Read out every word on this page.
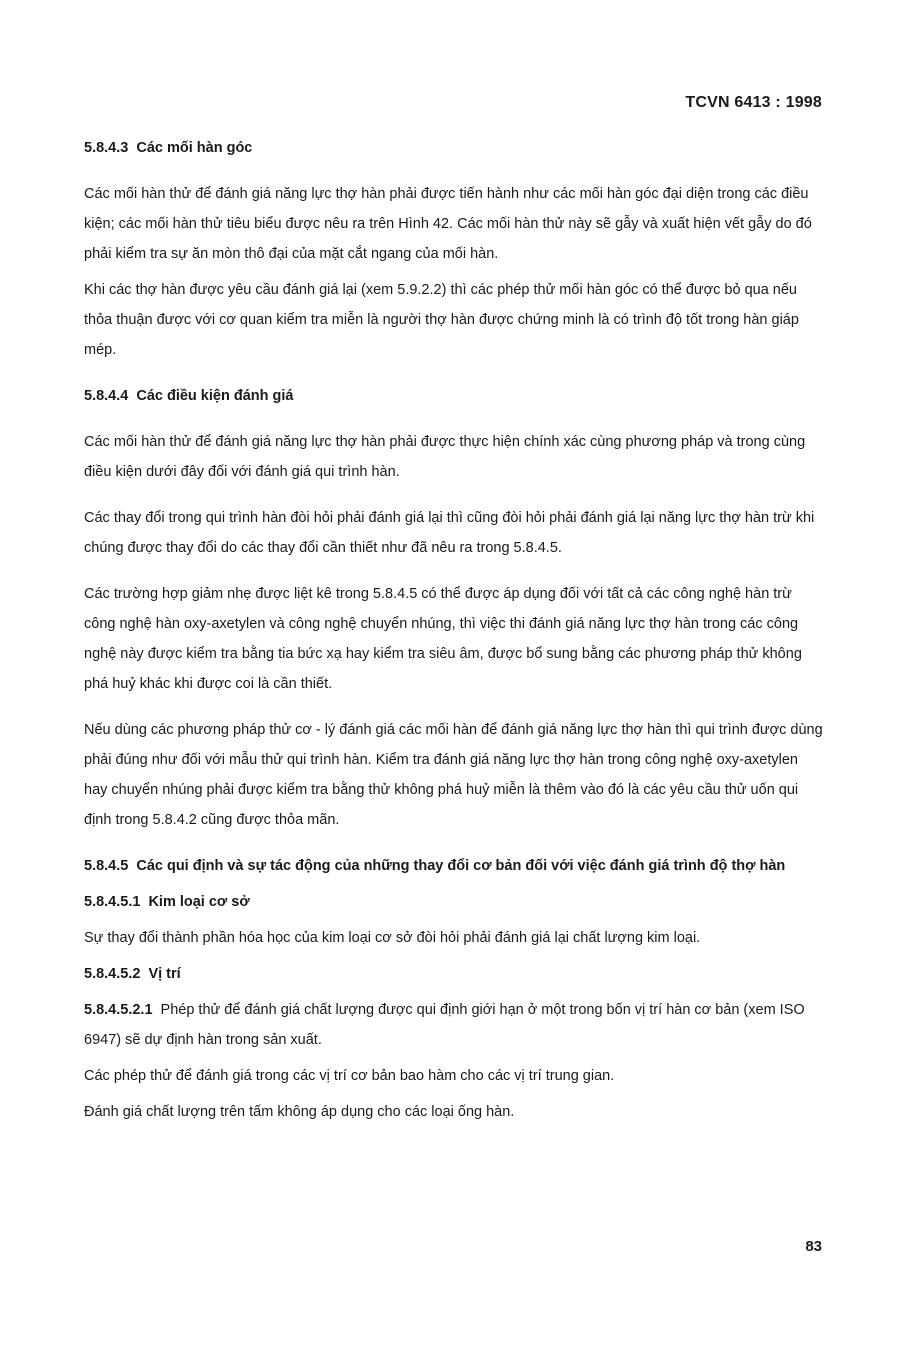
TCVN 6413 : 1998

5.8.4.3 Các mối hàn góc

Các mối hàn thử để đánh giá năng lực thợ hàn phải được tiến hành như các mối hàn góc đại diện trong các điều kiện; các mối hàn thử tiêu biểu được nêu ra trên Hình 42. Các mối hàn thử này sẽ gẫy và xuất hiện vết gẫy do đó phải kiểm tra sự ăn mòn thô đại của mặt cắt ngang của mối hàn.

Khi các thợ hàn được yêu cầu đánh giá lại (xem 5.9.2.2) thì các phép thử mối hàn góc có thể được bỏ qua nếu thỏa thuận được với cơ quan kiểm tra miễn là người thợ hàn được chứng minh là có trình độ tốt trong hàn giáp mép.

5.8.4.4 Các điều kiện đánh giá

Các mối hàn thử để đánh giá năng lực thợ hàn phải được thực hiện chính xác cùng phương pháp và trong cùng điều kiện dưới đây đối với đánh giá qui trình hàn.

Các thay đổi trong qui trình hàn đòi hỏi phải đánh giá lại thì cũng đòi hỏi phải đánh giá lại năng lực thợ hàn trừ khi chúng được thay đổi do các thay đổi cần thiết như đã nêu ra trong 5.8.4.5.

Các trường hợp giảm nhẹ được liệt kê trong 5.8.4.5 có thể được áp dụng đối với tất cả các công nghệ hàn trừ công nghệ hàn oxy-axetylen và công nghệ chuyển nhúng, thì việc thi đánh giá năng lực thợ hàn trong các công nghệ này được kiểm tra bằng tia bức xạ hay kiểm tra siêu âm, được bổ sung bằng các phương pháp thử không phá huỷ khác khi được coi là cần thiết.

Nếu dùng các phương pháp thử cơ - lý đánh giá các mối hàn để đánh giá năng lực thợ hàn thì qui trình được dùng phải đúng như đối với mẫu thử qui trình hàn. Kiểm tra đánh giá năng lực thợ hàn trong công nghệ oxy-axetylen hay chuyển nhúng phải được kiểm tra bằng thử không phá huỷ miễn là thêm vào đó là các yêu cầu thử uốn qui định trong 5.8.4.2 cũng được thỏa mãn.

5.8.4.5 Các qui định và sự tác động của những thay đổi cơ bản đối với việc đánh giá trình độ thợ hàn

5.8.4.5.1 Kim loại cơ sở

Sự thay đổi thành phần hóa học của kim loại cơ sở đòi hỏi phải đánh giá lại chất lượng kim loại.

5.8.4.5.2 Vị trí

5.8.4.5.2.1 Phép thử để đánh giá chất lượng được qui định giới hạn ở một trong bốn vị trí hàn cơ bản (xem ISO 6947) sẽ dự định hàn trong sản xuất.

Các phép thử để đánh giá trong các vị trí cơ bản bao hàm cho các vị trí trung gian.

Đánh giá chất lượng trên tấm không áp dụng cho các loại ống hàn.

83
